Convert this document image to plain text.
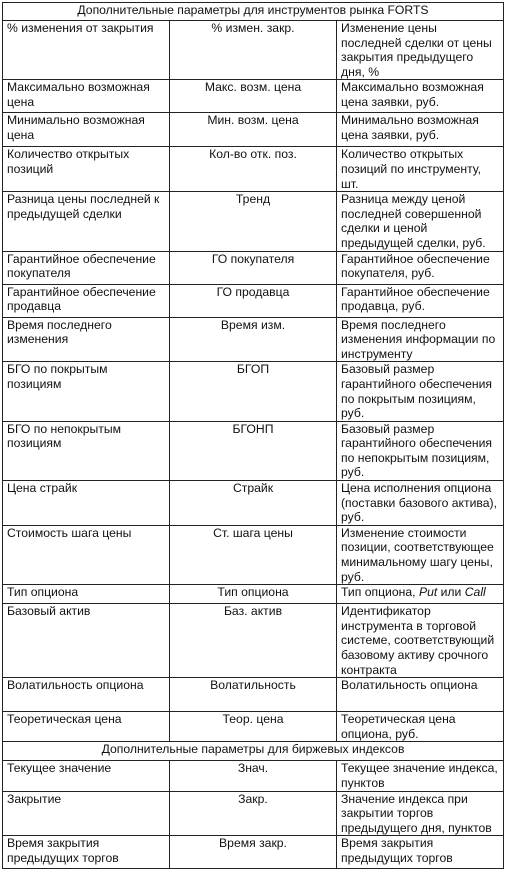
Дополнительные параметры для инструментов рынка FORTS		
% изменения от закрытия	% измен. закр.	Изменение цены последней сделки от цены закрытия предыдущего дня, %
Максимально возможная цена	Макс. возм. цена	Максимально возможная цена заявки, руб.
Минимально возможная цена	Мин. возм. цена	Минимально возможная цена заявки, руб.
Количество открытых позиций	Кол-во отк. поз.	Количество открытых позиций по инструменту, шт.
Разница цены последней к предыдущей сделки	Тренд	Разница между ценой последней совершенной сделки и ценой предыдущей сделки, руб.
Гарантийное обеспечение покупателя	ГО покупателя	Гарантийное обеспечение покупателя, руб.
Гарантийное обеспечение продавца	ГО продавца	Гарантийное обеспечение продавца, руб.
Время последнего изменения	Время изм.	Время последнего изменения информации по инструменту
БГО по покрытым позициям	БГОП	Базовый размер гарантийного обеспечения по покрытым позициям, руб.
БГО по непокрытым позициям	БГОНП	Базовый размер гарантийного обеспечения по непокрытым позициям, руб.
Цена страйк	Страйк	Цена исполнения опциона (поставки базового актива), руб.
Стоимость шага цены	Ст. шага цены	Изменение стоимости позиции, соответствующее минимальному шагу цены, руб.
Тип опциона	Тип опциона	Тип опциона, Put или Call
Базовый актив	Баз. актив	Идентификатор инструмента в торговой системе, соответствующий базовому активу срочного контракта
Волатильность опциона	Волатильность	Волатильность опциона
Теоретическая цена	Теор. цена	Теоретическая цена опциона, руб.
Дополнительные параметры для биржевых индексов		
Текущее значение	Знач.	Текущее значение индекса, пунктов
Закрытие	Закр.	Значение индекса при закрытии торгов предыдущего дня, пунктов
Время закрытия предыдущих торгов	Время закр.	Время закрытия предыдущих торгов
